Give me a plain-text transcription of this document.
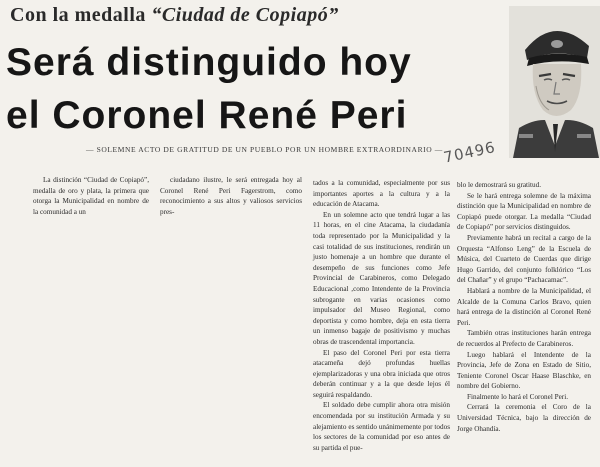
Con la medalla “Ciudad de Copiapó”
Será distinguido hoy
el Coronel René Peri
— SOLEMNE ACTO DE GRATITUD DE UN PUEBLO POR UN HOMBRE EXTRAORDINARIO — 70496

La distinción “Ciudad de Copiapó”, medalla de oro y plata, la primera que otorga la Municipalidad en nombre de la comunidad a un

ciudadano ilustre, le será entregada hoy al Coronel René Peri Fagerstrom, como reconocimiento a sus altos y valiosos servicios pres-

tados a la comunidad, especialmente por sus importantes aportes a la cultura y a la educación de Atacama.

En un solemne acto que tendrá lugar a las 11 horas, en el cine Atacama, la ciudadanía toda representado por la Municipalidad y la casi totalidad de sus instituciones, rendirán un justo homenaje a un hombre que durante el desempeño de sus funciones como Jefe Provincial de Carabineros, como Delegado Educacional ,como Intendente de la Provincia subrogante en varias ocasiones como impulsador del Museo Regional, como deportista y como hombre, deja en esta tierra un inmenso bagaje de positivismo y muchas obras de trascendental importancia.

El paso del Coronel Peri por esta tierra atacameña dejó profundas huellas ejemplarizadoras y una obra iniciada que otros deberán continuar y a la que desde lejos él seguirá respaldando.

El soldado debe cumplir ahora otra misión encomendada por su institución Armada y su alejamiento es sentido unánimemente por todos los sectores de la comunidad por eso antes de su partida el pue-

blo le demostrará su gratitud.

Se le hará entrega solemne de la máxima distinción que la Municipalidad en nombre de Copiapó puede otorgar. La medalla “Ciudad de Copiapó” por servicios distinguidos.

Previamente habrá un recital a cargo de la Orquesta “Alfonso Leng” de la Escuela de Música, del Cuarteto de Cuerdas que dirige Hugo Garrido, del conjunto folklórico “Los del Chañar” y el grupo “Pachacamac”.

Hablará a nombre de la Municipalidad, el Alcalde de la Comuna Carlos Bravo, quien hará entrega de la distinción al Coronel René Peri.

También otras instituciones harán entrega de recuerdos al Prefecto de Carabineros.

Luego hablará el Intendente de la Provincia, Jefe de Zona en Estado de Sitio, Teniente Coronel Oscar Haase Blaschke, en nombre del Gobierno.

Finalmente lo hará el Coronel Peri.

Cerrará la ceremonia el Coro de la Universidad Técnica, bajo la dirección de Jorge Ohandía.
